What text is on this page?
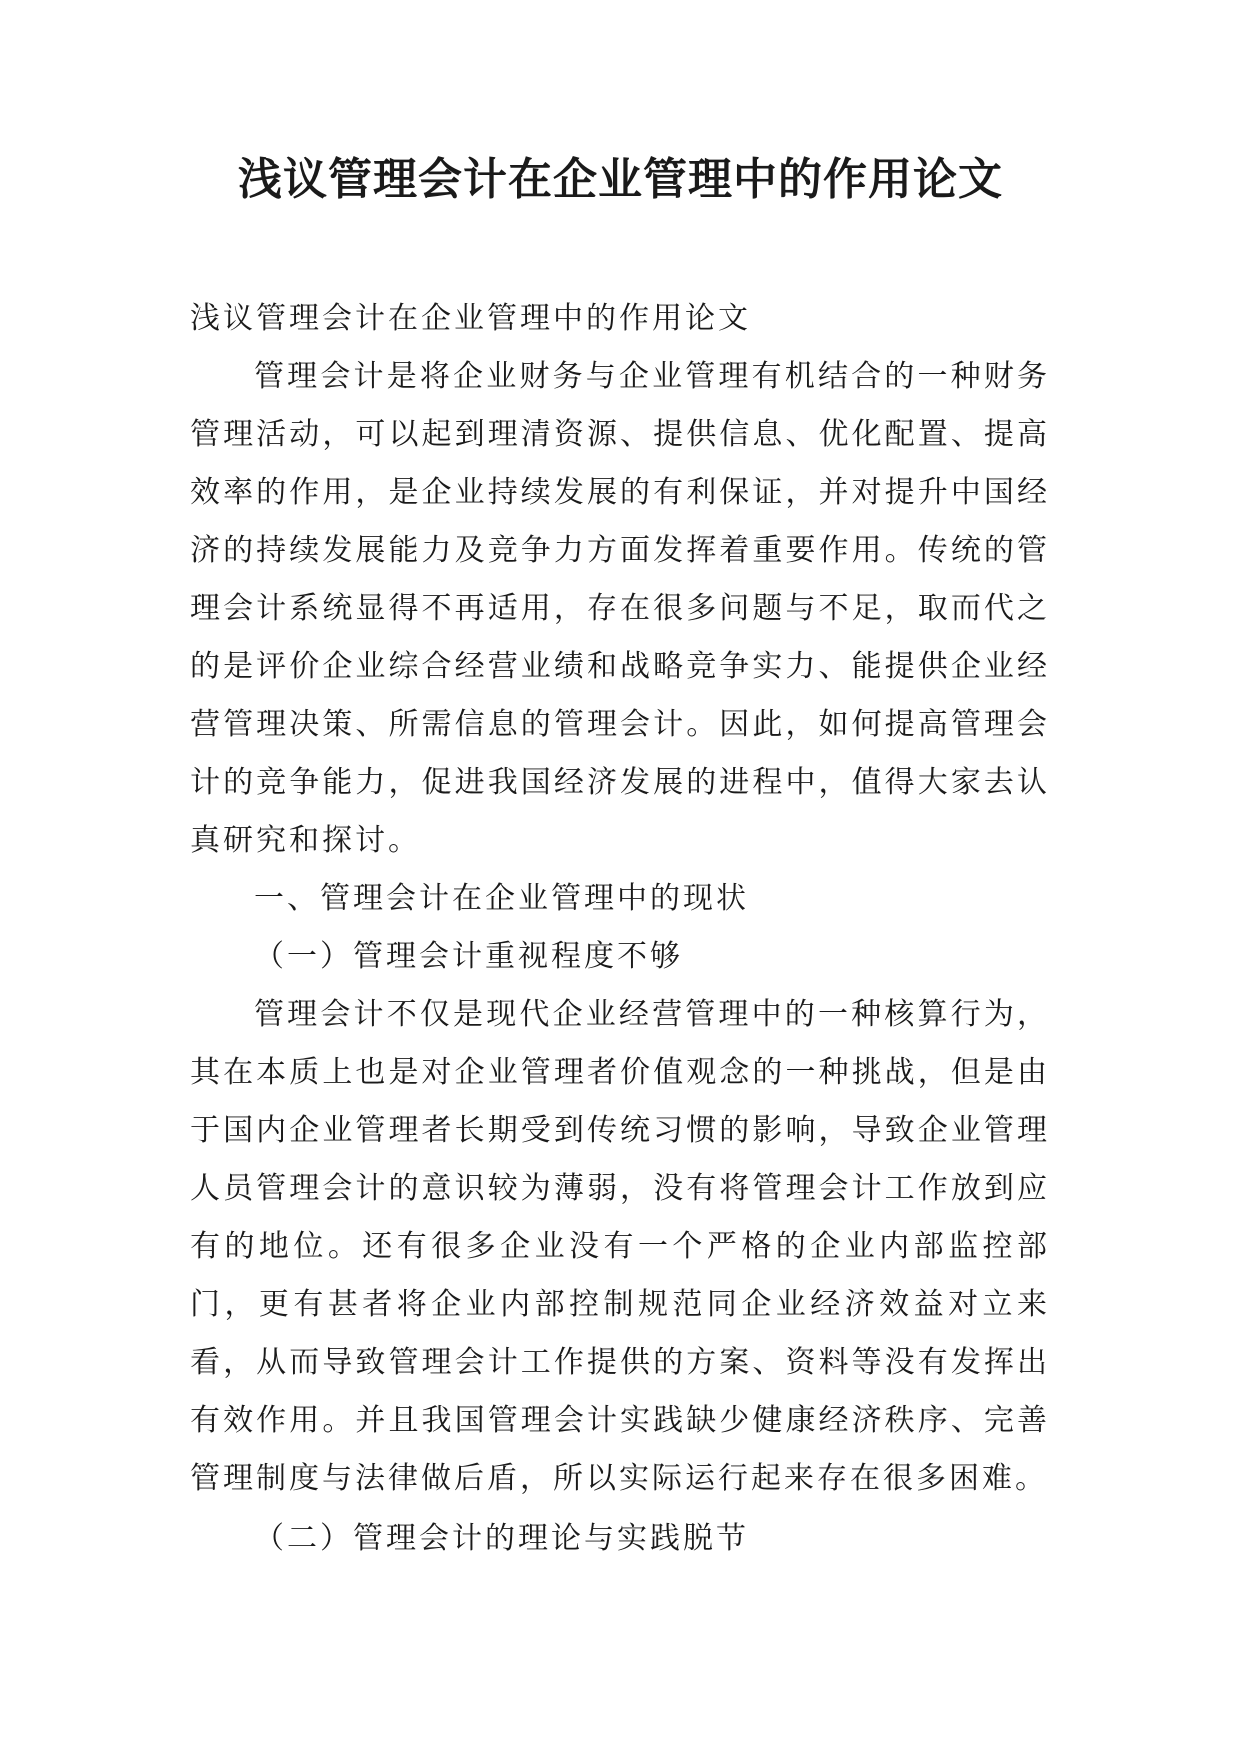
浅议管理会计在企业管理中的作用论文

浅议管理会计在企业管理中的作用论文

管理会计是将企业财务与企业管理有机结合的一种财务管理活动，可以起到理清资源、提供信息、优化配置、提高效率的作用，是企业持续发展的有利保证，并对提升中国经济的持续发展能力及竞争力方面发挥着重要作用。传统的管理会计系统显得不再适用，存在很多问题与不足，取而代之的是评价企业综合经营业绩和战略竞争实力、能提供企业经营管理决策、所需信息的管理会计。因此，如何提高管理会计的竞争能力，促进我国经济发展的进程中，值得大家去认真研究和探讨。

一、管理会计在企业管理中的现状

（一）管理会计重视程度不够

管理会计不仅是现代企业经营管理中的一种核算行为，其在本质上也是对企业管理者价值观念的一种挑战，但是由于国内企业管理者长期受到传统习惯的影响，导致企业管理人员管理会计的意识较为薄弱，没有将管理会计工作放到应有的地位。还有很多企业没有一个严格的企业内部监控部门，更有甚者将企业内部控制规范同企业经济效益对立来看，从而导致管理会计工作提供的方案、资料等没有发挥出有效作用。并且我国管理会计实践缺少健康经济秩序、完善管理制度与法律做后盾，所以实际运行起来存在很多困难。

（二）管理会计的理论与实践脱节
